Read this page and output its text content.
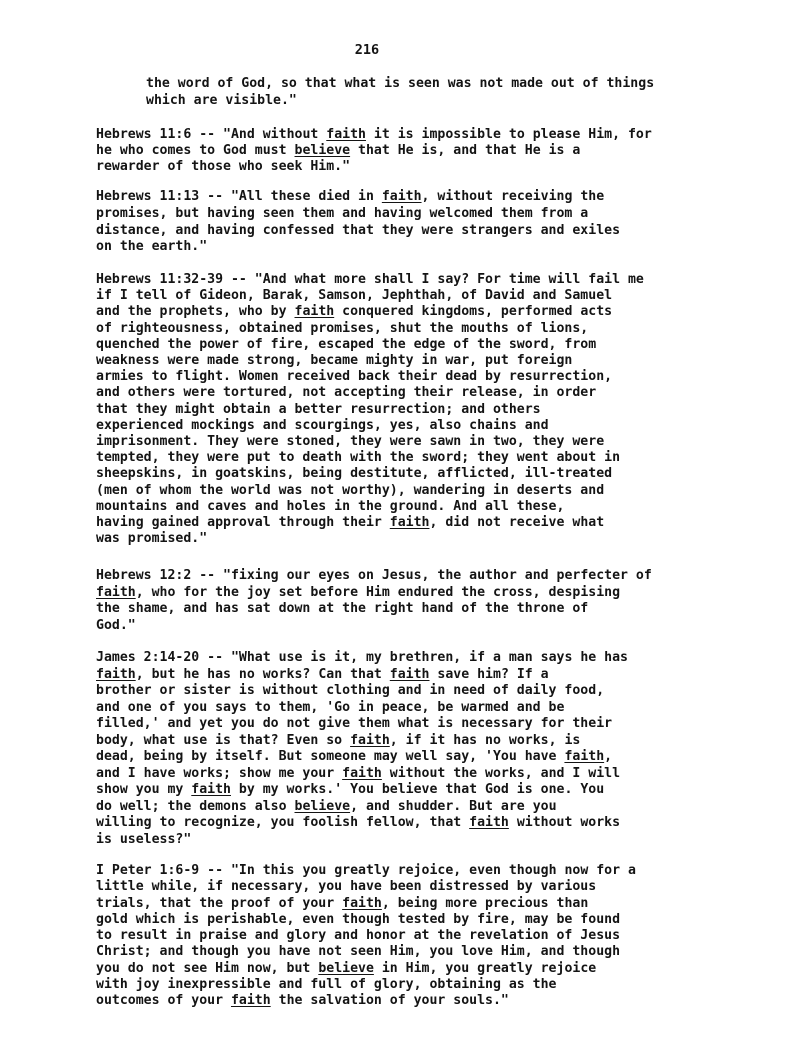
216
the word of God, so that what is seen was not made out of things
which are visible."
Hebrews 11:6 -- "And without faith it is impossible to please Him, for
he who comes to God must believe that He is, and that He is a
rewarder of those who seek Him."
Hebrews 11:13 -- "All these died in faith, without receiving the
promises, but having seen them and having welcomed them from a
distance, and having confessed that they were strangers and exiles
on the earth."
Hebrews 11:32-39 -- "And what more shall I say? For time will fail me
if I tell of Gideon, Barak, Samson, Jephthah, of David and Samuel
and the prophets, who by faith conquered kingdoms, performed acts
of righteousness, obtained promises, shut the mouths of lions,
quenched the power of fire, escaped the edge of the sword, from
weakness were made strong, became mighty in war, put foreign
armies to flight. Women received back their dead by resurrection,
and others were tortured, not accepting their release, in order
that they might obtain a better resurrection; and others
experienced mockings and scourgings, yes, also chains and
imprisonment. They were stoned, they were sawn in two, they were
tempted, they were put to death with the sword; they went about in
sheepskins, in goatskins, being destitute, afflicted, ill-treated
(men of whom the world was not worthy), wandering in deserts and
mountains and caves and holes in the ground. And all these,
having gained approval through their faith, did not receive what
was promised."
Hebrews 12:2 -- "fixing our eyes on Jesus, the author and perfecter of
faith, who for the joy set before Him endured the cross, despising
the shame, and has sat down at the right hand of the throne of
God."
James 2:14-20 -- "What use is it, my brethren, if a man says he has
faith, but he has no works? Can that faith save him? If a
brother or sister is without clothing and in need of daily food,
and one of you says to them, 'Go in peace, be warmed and be
filled,' and yet you do not give them what is necessary for their
body, what use is that? Even so faith, if it has no works, is
dead, being by itself. But someone may well say, 'You have faith,
and I have works; show me your faith without the works, and I will
show you my faith by my works.' You believe that God is one. You
do well; the demons also believe, and shudder. But are you
willing to recognize, you foolish fellow, that faith without works
is useless?"
I Peter 1:6-9 -- "In this you greatly rejoice, even though now for a
little while, if necessary, you have been distressed by various
trials, that the proof of your faith, being more precious than
gold which is perishable, even though tested by fire, may be found
to result in praise and glory and honor at the revelation of Jesus
Christ; and though you have not seen Him, you love Him, and though
you do not see Him now, but believe in Him, you greatly rejoice
with joy inexpressible and full of glory, obtaining as the
outcomes of your faith the salvation of your souls."
